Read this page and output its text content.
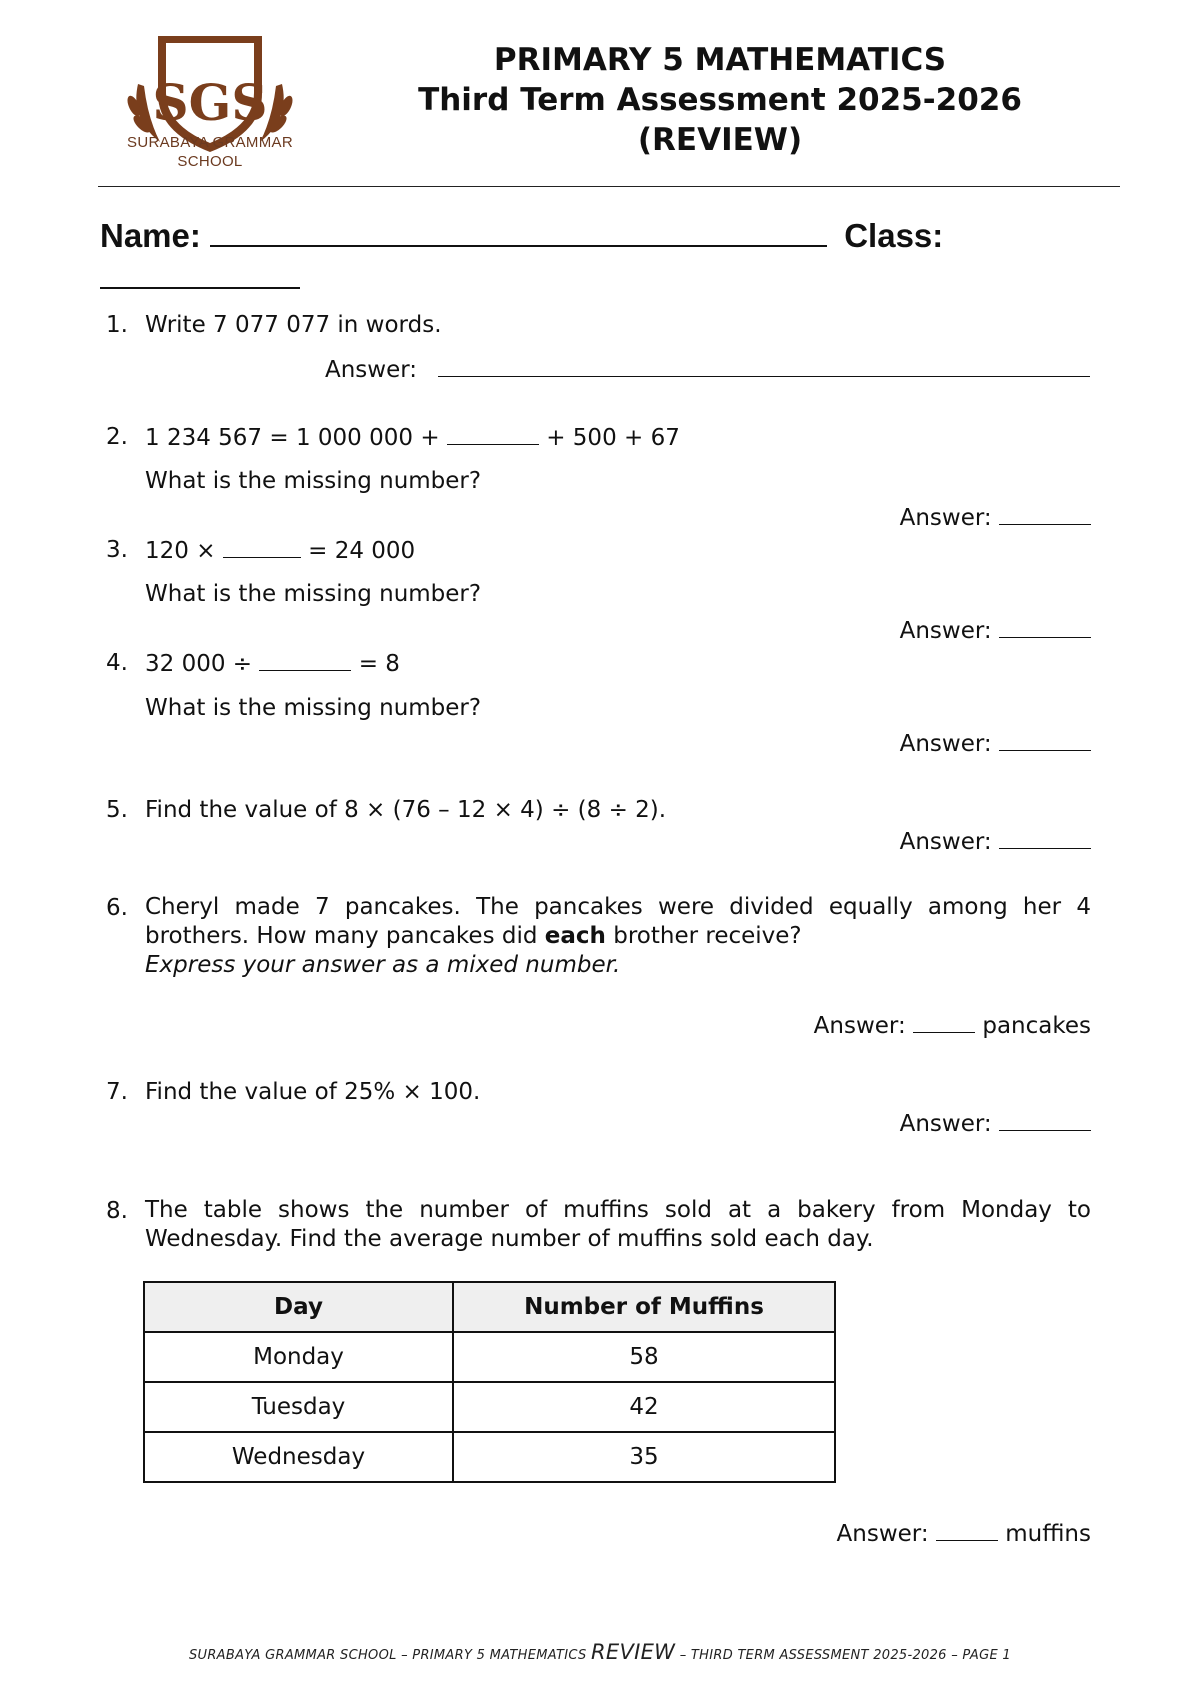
SGS
SURABAYA GRAMMAR
SCHOOL
PRIMARY 5 MATHEMATICS
Third Term Assessment 2025-2026
(REVIEW)
Name:	Class:
1. Write 7 077 077 in words.
Answer:
2. 1 234 567 = 1 000 000 +	+ 500 + 67
What is the missing number?
Answer:
3. 120 ×	= 24 000
What is the missing number?
Answer:
4. 32 000 ÷	= 8
What is the missing number?
Answer:
5. Find the value of 8 × (76 – 12 × 4) ÷ (8 ÷ 2).
Answer:
6. Cheryl made 7 pancakes. The pancakes were divided equally among her 4 brothers. How many pancakes did each brother receive?
Express your answer as a mixed number.
Answer:	pancakes
7. Find the value of 25% × 100.
Answer:
8. The table shows the number of muffins sold at a bakery from Monday to Wednesday. Find the average number of muffins sold each day.
Day	Number of Muffins
Monday	58
Tuesday	42
Wednesday	35
Answer:	muffins
SURABAYA GRAMMAR SCHOOL – PRIMARY 5 MATHEMATICS REVIEW – THIRD TERM ASSESSMENT 2025-2026 – PAGE 1
